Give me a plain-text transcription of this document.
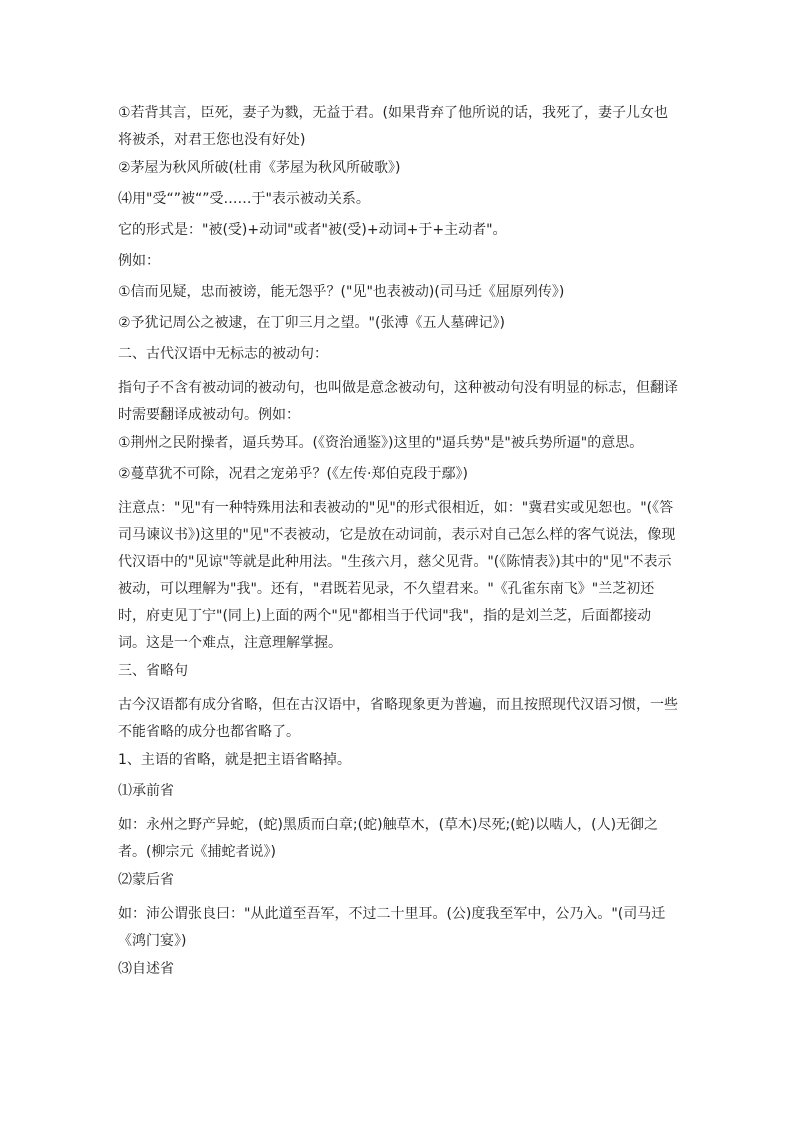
①若背其言，臣死，妻子为戮，无益于君。(如果背弃了他所说的话，我死了，妻子儿女也将被杀，对君王您也没有好处)

②茅屋为秋风所破(杜甫《茅屋为秋风所破歌》)

⑷用"受“”被“”受……于"表示被动关系。

它的形式是："被(受)+动词"或者"被(受)+动词+于+主动者"。

例如：

①信而见疑，忠而被谤，能无怨乎？("见"也表被动)(司马迁《屈原列传》)

②予犹记周公之被逮，在丁卯三月之望。"(张溥《五人墓碑记》)

二、古代汉语中无标志的被动句：

指句子不含有被动词的被动句，也叫做是意念被动句，这种被动句没有明显的标志，但翻译时需要翻译成被动句。例如：

①荆州之民附操者，逼兵势耳。(《资治通鉴》)这里的"逼兵势"是"被兵势所逼"的意思。

②蔓草犹不可除，况君之宠弟乎？(《左传·郑伯克段于鄢》)

注意点："见"有一种特殊用法和表被动的"见"的形式很相近，如："冀君实或见恕也。"(《答司马谏议书》)这里的"见"不表被动，它是放在动词前，表示对自己怎么样的客气说法，像现代汉语中的"见谅"等就是此种用法。"生孩六月，慈父见背。"(《陈情表》)其中的"见"不表示被动，可以理解为"我"。还有，"君既若见录，不久望君来。"《孔雀东南飞》"兰芝初还时，府吏见丁宁"(同上)上面的两个"见"都相当于代词"我"，指的是刘兰芝，后面都接动词。这是一个难点，注意理解掌握。

三、省略句

古今汉语都有成分省略，但在古汉语中，省略现象更为普遍，而且按照现代汉语习惯，一些不能省略的成分也都省略了。

1、主语的省略，就是把主语省略掉。

⑴承前省

如：永州之野产异蛇，(蛇)黑质而白章;(蛇)触草木，(草木)尽死;(蛇)以啮人，(人)无御之者。(柳宗元《捕蛇者说》)

⑵蒙后省

如：沛公谓张良曰："从此道至吾军，不过二十里耳。(公)度我至军中，公乃入。"(司马迁《鸿门宴》)

⑶自述省
